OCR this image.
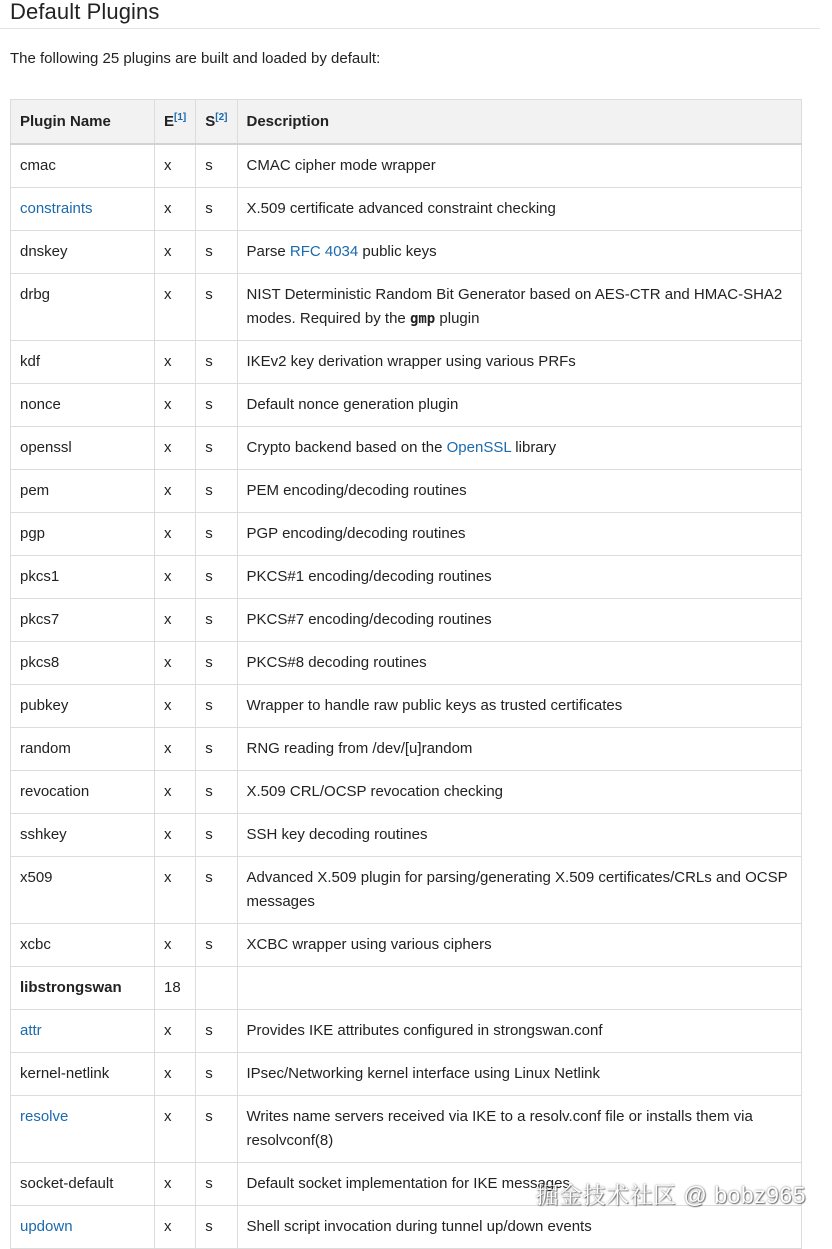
Default Plugins

The following 25 plugins are built and loaded by default:

Plugin Name	E[1]	S[2]	Description
cmac	x	s	CMAC cipher mode wrapper
constraints	x	s	X.509 certificate advanced constraint checking
dnskey	x	s	Parse RFC 4034 public keys
drbg	x	s	NIST Deterministic Random Bit Generator based on AES-CTR and HMAC-SHA2 modes. Required by the gmp plugin
kdf	x	s	IKEv2 key derivation wrapper using various PRFs
nonce	x	s	Default nonce generation plugin
openssl	x	s	Crypto backend based on the OpenSSL library
pem	x	s	PEM encoding/decoding routines
pgp	x	s	PGP encoding/decoding routines
pkcs1	x	s	PKCS#1 encoding/decoding routines
pkcs7	x	s	PKCS#7 encoding/decoding routines
pkcs8	x	s	PKCS#8 decoding routines
pubkey	x	s	Wrapper to handle raw public keys as trusted certificates
random	x	s	RNG reading from /dev/[u]random
revocation	x	s	X.509 CRL/OCSP revocation checking
sshkey	x	s	SSH key decoding routines
x509	x	s	Advanced X.509 plugin for parsing/generating X.509 certificates/CRLs and OCSP messages
xcbc	x	s	XCBC wrapper using various ciphers
libstrongswan	18		
attr	x	s	Provides IKE attributes configured in strongswan.conf
kernel-netlink	x	s	IPsec/Networking kernel interface using Linux Netlink
resolve	x	s	Writes name servers received via IKE to a resolv.conf file or installs them via resolvconf(8)
socket-default	x	s	Default socket implementation for IKE messages
updown	x	s	Shell script invocation during tunnel up/down events
掘金技术社区 @ bobz965
